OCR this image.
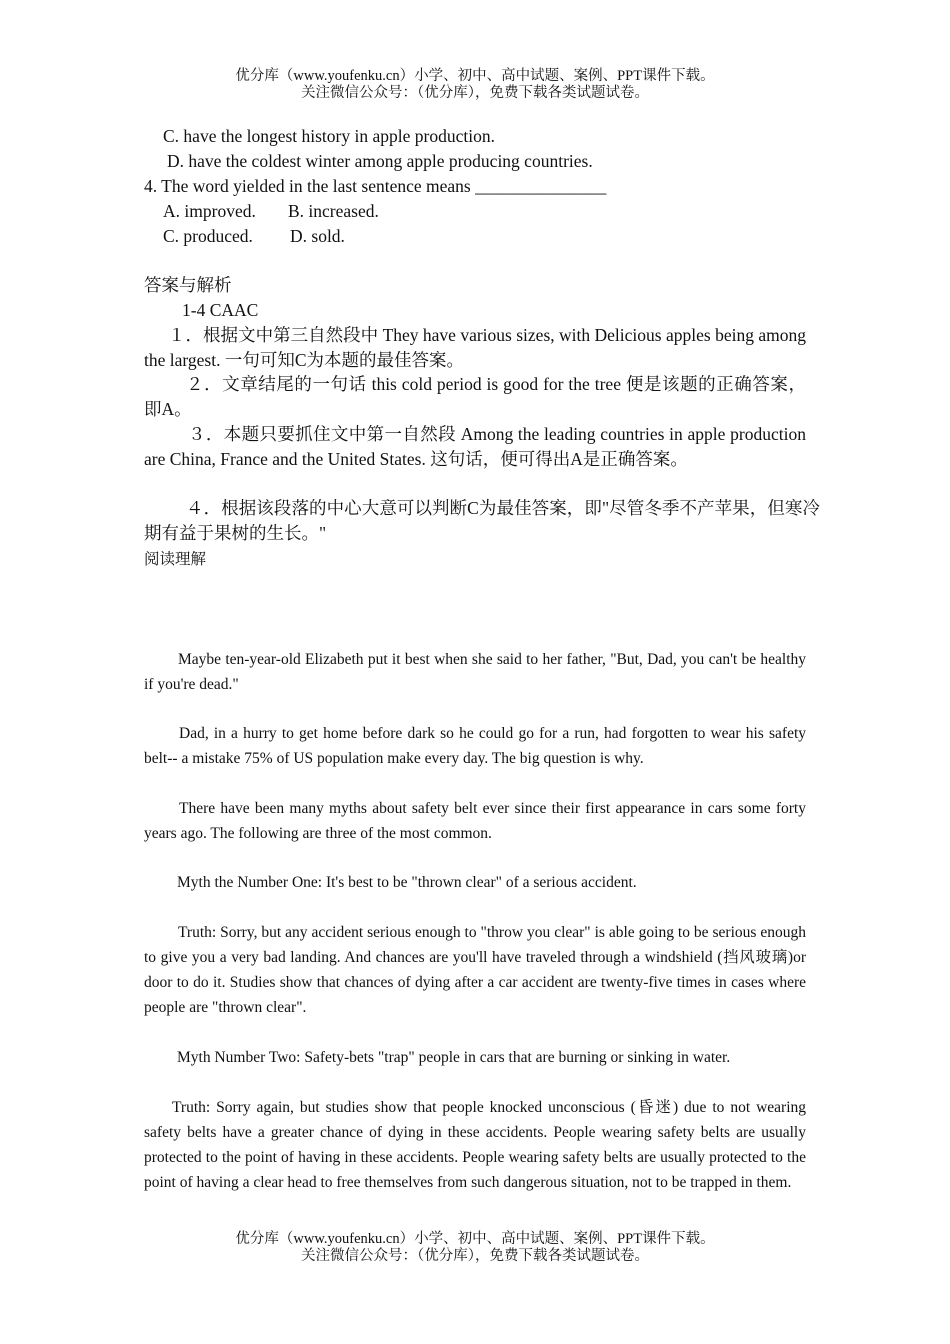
优分库（www.youfenku.cn）小学、初中、高中试题、案例、PPT课件下载。
关注微信公众号：（优分库），免费下载各类试题试卷。
C. have the longest history in apple production.
D. have the coldest winter among apple producing countries.
4. The word yielded in the last sentence means _______________
A. improved. B. increased.
C. produced. D. sold.
答案与解析
1-4 CAAC
１．根据文中第三自然段中 They have various sizes, with Delicious apples being among the largest. 一句可知C为本题的最佳答案。
２．文章结尾的一句话 this cold period is good for the tree 便是该题的正确答案，即A。
３．本题只要抓住文中第一自然段 Among the leading countries in apple production are China, France and the United States. 这句话，便可得出A是正确答案。
４．根据该段落的中心大意可以判断C为最佳答案，即"尽管冬季不产苹果，但寒冷期有益于果树的生长。"
阅读理解
Maybe ten-year-old Elizabeth put it best when she said to her father, "But, Dad, you can't be healthy if you're dead."
Dad, in a hurry to get home before dark so he could go for a run, had forgotten to wear his safety belt-- a mistake 75% of US population make every day. The big question is why.
There have been many myths about safety belt ever since their first appearance in cars some forty years ago. The following are three of the most common.
Myth the Number One: It's best to be "thrown clear" of a serious accident.
Truth: Sorry, but any accident serious enough to "throw you clear" is able going to be serious enough to give you a very bad landing. And chances are you'll have traveled through a windshield (挡风玻璃)or door to do it. Studies show that chances of dying after a car accident are twenty-five times in cases where people are "thrown clear".
Myth Number Two: Safety-bets "trap" people in cars that are burning or sinking in water.
Truth: Sorry again, but studies show that people knocked unconscious (昏迷) due to not wearing safety belts have a greater chance of dying in these accidents. People wearing safety belts are usually protected to the point of having in these accidents. People wearing safety belts are usually protected to the point of having a clear head to free themselves from such dangerous situation, not to be trapped in them.
优分库（www.youfenku.cn）小学、初中、高中试题、案例、PPT课件下载。
关注微信公众号：（优分库），免费下载各类试题试卷。
